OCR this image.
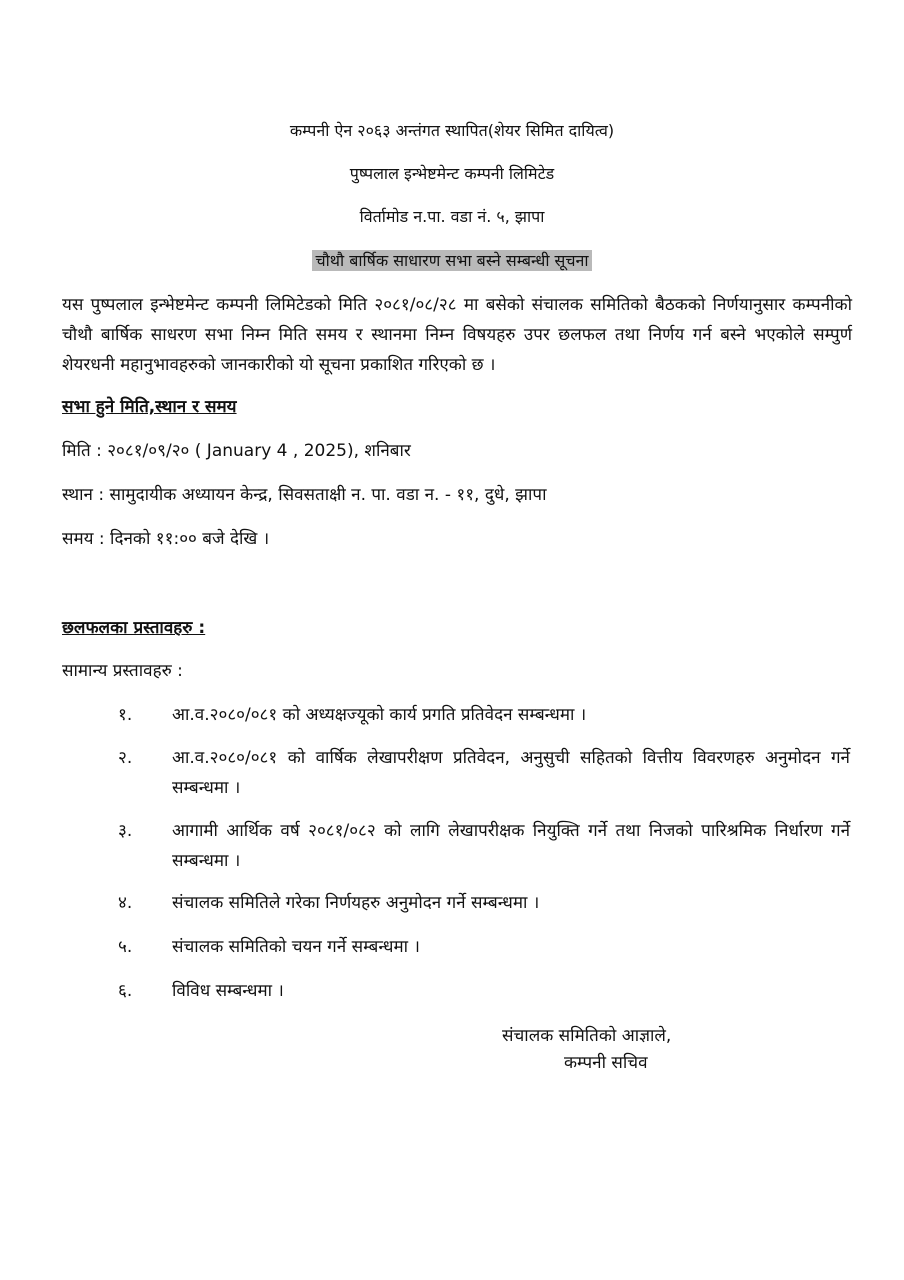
कम्पनी ऐन २०६३ अन्तंगत स्थापित(शेयर सिमित दायित्व)
पुष्पलाल इन्भेष्टमेन्ट कम्पनी लिमिटेड
विर्तामोड न.पा. वडा नं. ५, झापा
चौथौ बार्षिक साधारण सभा बस्ने सम्बन्धी सूचना
यस पुष्पलाल इन्भेष्टमेन्ट कम्पनी लिमिटेडको मिति २०८१/०८/२८ मा बसेको संचालक समितिको बैठकको निर्णयानुसार कम्पनीको चौथौ बार्षिक साधरण सभा निम्न मिति समय र स्थानमा निम्न विषयहरु उपर छलफल तथा निर्णय गर्न बस्ने भएकोले सम्पुर्ण शेयरधनी महानुभावहरुको जानकारीको यो सूचना प्रकाशित गरिएको छ ।
सभा हुने मिति,स्थान र समय
मिति : २०८१/०९/२० ( January 4 , 2025), शनिबार
स्थान : सामुदायीक अध्यायन केन्द्र, सिवसताक्षी न. पा. वडा न. - ११, दुधे, झापा
समय : दिनको ११:०० बजे देखि ।
छलफलका प्रस्तावहरु :
सामान्य प्रस्तावहरु :
१. आ.व.२०८०/०८१ को अध्यक्षज्यूको कार्य प्रगति प्रतिवेदन सम्बन्धमा ।
२. आ.व.२०८०/०८१ को वार्षिक लेखापरीक्षण प्रतिवेदन, अनुसुची सहितको वित्तीय विवरणहरु अनुमोदन गर्ने सम्बन्धमा ।
३. आगामी आर्थिक वर्ष २०८१/०८२ को लागि लेखापरीक्षक नियुक्ति गर्ने तथा निजको पारिश्रमिक निर्धारण गर्ने सम्बन्धमा ।
४. संचालक समितिले गरेका निर्णयहरु अनुमोदन गर्ने सम्बन्धमा ।
५. संचालक समितिको चयन गर्ने सम्बन्धमा ।
६. विविध सम्बन्धमा ।
संचालक समितिको आज्ञाले,
कम्पनी सचिव
